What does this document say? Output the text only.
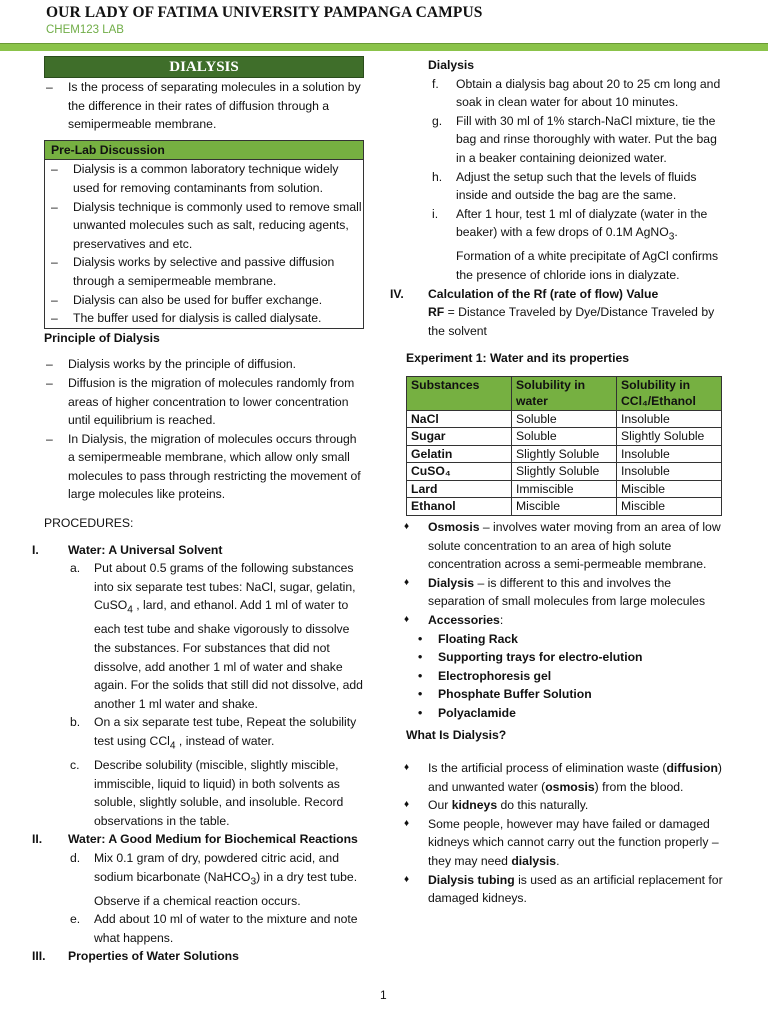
OUR LADY OF FATIMA UNIVERSITY PAMPANGA CAMPUS
CHEM123 LAB
DIALYSIS
– Is the process of separating molecules in a solution by the difference in their rates of diffusion through a semipermeable membrane.
Pre-Lab Discussion
– Dialysis is a common laboratory technique widely used for removing contaminants from solution.
– Dialysis technique is commonly used to remove small unwanted molecules such as salt, reducing agents, preservatives and etc.
– Dialysis works by selective and passive diffusion through a semipermeable membrane.
– Dialysis can also be used for buffer exchange.
– The buffer used for dialysis is called dialysate.
Principle of Dialysis
– Dialysis works by the principle of diffusion.
– Diffusion is the migration of molecules randomly from areas of higher concentration to lower concentration until equilibrium is reached.
– In Dialysis, the migration of molecules occurs through a semipermeable membrane, which allow only small molecules to pass through restricting the movement of large molecules like proteins.
PROCEDURES:
I.	Water: A Universal Solvent
a. Put about 0.5 grams of the following substances into six separate test tubes: NaCl, sugar, gelatin, CuSO$_4$ , lard, and ethanol. Add 1 ml of water to each test tube and shake vigorously to dissolve the substances. For substances that did not dissolve, add another 1 ml of water and shake again. For the solids that still did not dissolve, add another 1 ml water and shake.
b. On a six separate test tube, Repeat the solubility test using CCl$_4$ , instead of water.
c. Describe solubility (miscible, slightly miscible, immiscible, liquid to liquid) in both solvents as soluble, slightly soluble, and insoluble. Record observations in the table.
II.	Water: A Good Medium for Biochemical Reactions
d. Mix 0.1 gram of dry, powdered citric acid, and sodium bicarbonate (NaHCO$_3$) in a dry test tube. Observe if a chemical reaction occurs.
e. Add about 10 ml of water to the mixture and note what happens.
III.	Properties of Water Solutions
Dialysis
f. Obtain a dialysis bag about 20 to 25 cm long and soak in clean water for about 10 minutes.
g. Fill with 30 ml of 1% starch-NaCl mixture, tie the bag and rinse thoroughly with water. Put the bag in a beaker containing deionized water.
h. Adjust the setup such that the levels of fluids inside and outside the bag are the same.
i. After 1 hour, test 1 ml of dialyzate (water in the beaker) with a few drops of 0.1M AgNO$_3$. Formation of a white precipitate of AgCl confirms the presence of chloride ions in dialyzate.
IV.	Calculation of the Rf (rate of flow) Value
RF = Distance Traveled by Dye/Distance Traveled by the solvent
Experiment 1: Water and its properties
Substances	Solubility in water	Solubility in CCl₄/Ethanol
NaCl	Soluble	Insoluble
Sugar	Soluble	Slightly Soluble
Gelatin	Slightly Soluble	Insoluble
CuSO₄	Slightly Soluble	Insoluble
Lard	Immiscible	Miscible
Ethanol	Miscible	Miscible
♦ Osmosis – involves water moving from an area of low solute concentration to an area of high solute concentration across a semi-permeable membrane.
♦ Dialysis – is different to this and involves the separation of small molecules from large molecules
♦ Accessories:
• Floating Rack
• Supporting trays for electro-elution
• Electrophoresis gel
• Phosphate Buffer Solution
• Polyaclamide
What Is Dialysis?
♦ Is the artificial process of elimination waste (diffusion) and unwanted water (osmosis) from the blood.
♦ Our kidneys do this naturally.
♦ Some people, however may have failed or damaged kidneys which cannot carry out the function properly – they may need dialysis.
♦ Dialysis tubing is used as an artificial replacement for damaged kidneys.
1
